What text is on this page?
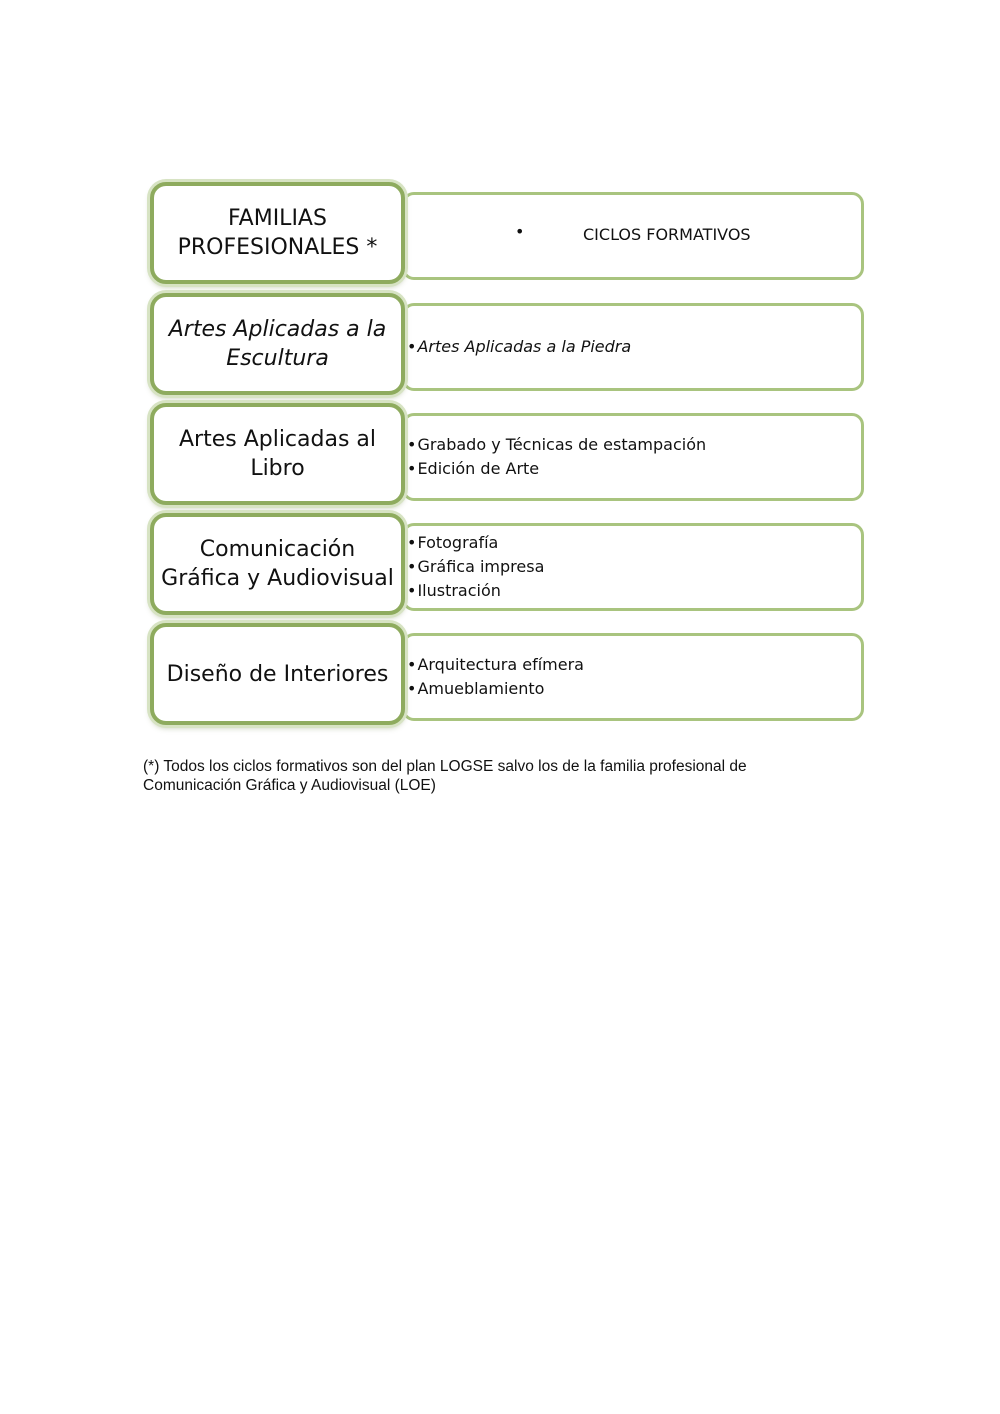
•	CICLOS FORMATIVOS
FAMILIAS PROFESIONALES *
• Artes Aplicadas a la Piedra
Artes Aplicadas a la Escultura
• Grabado y Técnicas de estampación
• Edición de Arte
Artes Aplicadas al Libro
• Fotografía
• Gráfica impresa
• Ilustración
Comunicación Gráfica y Audiovisual
• Arquitectura efímera
• Amueblamiento
Diseño de Interiores

(*) Todos los ciclos formativos son del plan LOGSE salvo los de la familia profesional de Comunicación Gráfica y Audiovisual (LOE)
